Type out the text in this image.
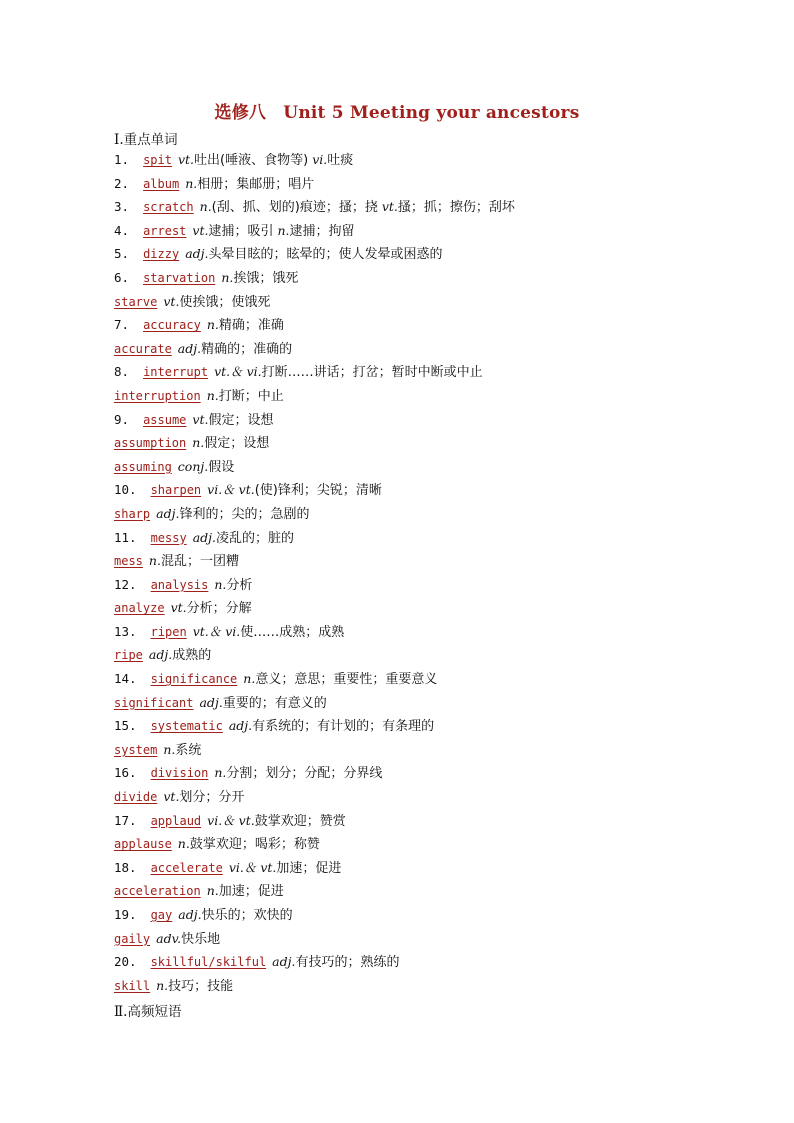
选修八　Unit 5 Meeting your ancestors
Ⅰ.重点单词
1. spit vt.吐出(唾液、食物等) vi.吐痰
2. album n.相册；集邮册；唱片
3. scratch n.(刮、抓、划的)痕迹；搔；挠 vt.搔；抓；擦伤；刮坏
4. arrest vt.逮捕；吸引 n.逮捕；拘留
5. dizzy adj.头晕目眩的；眩晕的；使人发晕或困惑的
6. starvation n.挨饿；饿死
starve vt.使挨饿；使饿死
7. accuracy n.精确；准确
accurate adj.精确的；准确的
8. interrupt vt.＆ vi.打断……讲话；打岔；暂时中断或中止
interruption n.打断；中止
9. assume vt.假定；设想
assumption n.假定；设想
assuming conj.假设
10. sharpen vi.＆ vt.(使)锋利；尖锐；清晰
sharp adj.锋利的；尖的；急剧的
11. messy adj.凌乱的；脏的
mess n.混乱；一团糟
12. analysis n.分析
analyze vt.分析；分解
13. ripen vt.＆ vi.使……成熟；成熟
ripe adj.成熟的
14. significance n.意义；意思；重要性；重要意义
significant adj.重要的；有意义的
15. systematic adj.有系统的；有计划的；有条理的
system n.系统
16. division n.分割；划分；分配；分界线
divide vt.划分；分开
17. applaud vi.＆ vt.鼓掌欢迎；赞赏
applause n.鼓掌欢迎；喝彩；称赞
18. accelerate vi.＆ vt.加速；促进
acceleration n.加速；促进
19. gay adj.快乐的；欢快的
gaily adv.快乐地
20. skillful/skilful adj.有技巧的；熟练的
skill n.技巧；技能
Ⅱ.高频短语
